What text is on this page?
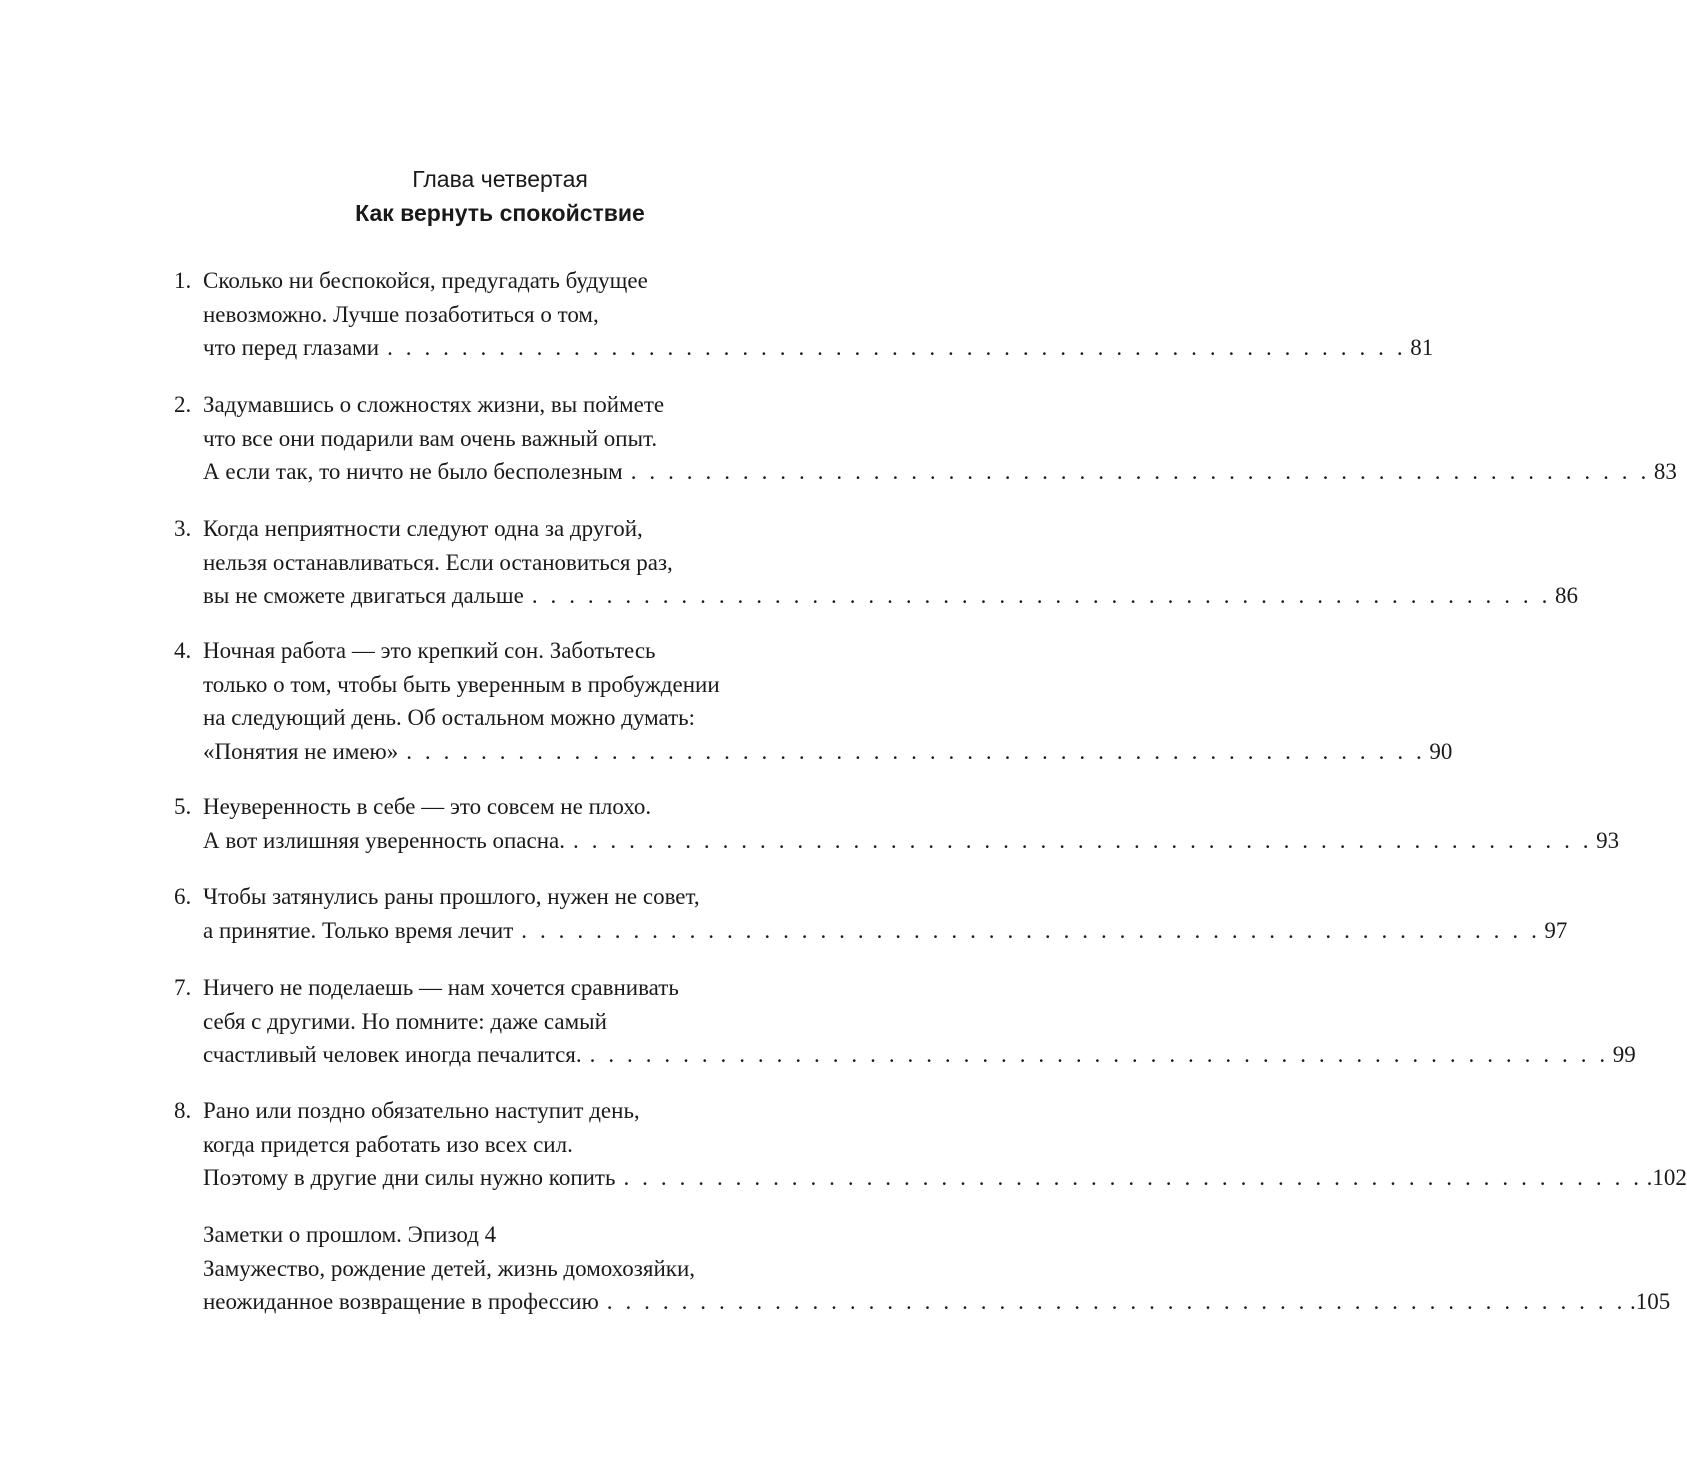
Глава четвертая
Как вернуть спокойствие
1. Сколько ни беспокойся, предугадать будущее
невозможно. Лучше позаботиться о том,
что перед глазами . . . . . . . . . . . . . . . . . . . . . . . . . . . . . . . . . . . . . . . . . . . . . . . . . . . . . . . 81
2. Задумавшись о сложностях жизни, вы поймете
что все они подарили вам очень важный опыт.
А если так, то ничто не было бесполезным . . . . . . . . . . . . . . . . . . . . . . . . . . . . . . . . . . . . . . . . . . . . . . . . . . . . . . . 83
3. Когда неприятности следуют одна за другой,
нельзя останавливаться. Если остановиться раз,
вы не сможете двигаться дальше . . . . . . . . . . . . . . . . . . . . . . . . . . . . . . . . . . . . . . . . . . . . . . . . . . . . . . . 86
4. Ночная работа — это крепкий сон. Заботьтесь
только о том, чтобы быть уверенным в пробуждении
на следующий день. Об остальном можно думать:
«Понятия не имею» . . . . . . . . . . . . . . . . . . . . . . . . . . . . . . . . . . . . . . . . . . . . . . . . . . . . . . . 90
5. Неуверенность в себе — это совсем не плохо.
А вот излишняя уверенность опасна. . . . . . . . . . . . . . . . . . . . . . . . . . . . . . . . . . . . . . . . . . . . . . . . . . . . . . . . 93
6. Чтобы затянулись раны прошлого, нужен не совет,
а принятие. Только время лечит . . . . . . . . . . . . . . . . . . . . . . . . . . . . . . . . . . . . . . . . . . . . . . . . . . . . . . . 97
7. Ничего не поделаешь — нам хочется сравнивать
себя с другими. Но помните: даже самый
счастливый человек иногда печалится. . . . . . . . . . . . . . . . . . . . . . . . . . . . . . . . . . . . . . . . . . . . . . . . . . . . . . . . 99
8. Рано или поздно обязательно наступит день,
когда придется работать изо всех сил.
Поэтому в другие дни силы нужно копить . . . . . . . . . . . . . . . . . . . . . . . . . . . . . . . . . . . . . . . . . . . . . . . . . . . . . . . .102
Заметки о прошлом. Эпизод 4
Замужество, рождение детей, жизнь домохозяйки,
неожиданное возвращение в профессию . . . . . . . . . . . . . . . . . . . . . . . . . . . . . . . . . . . . . . . . . . . . . . . . . . . . . . . .105
